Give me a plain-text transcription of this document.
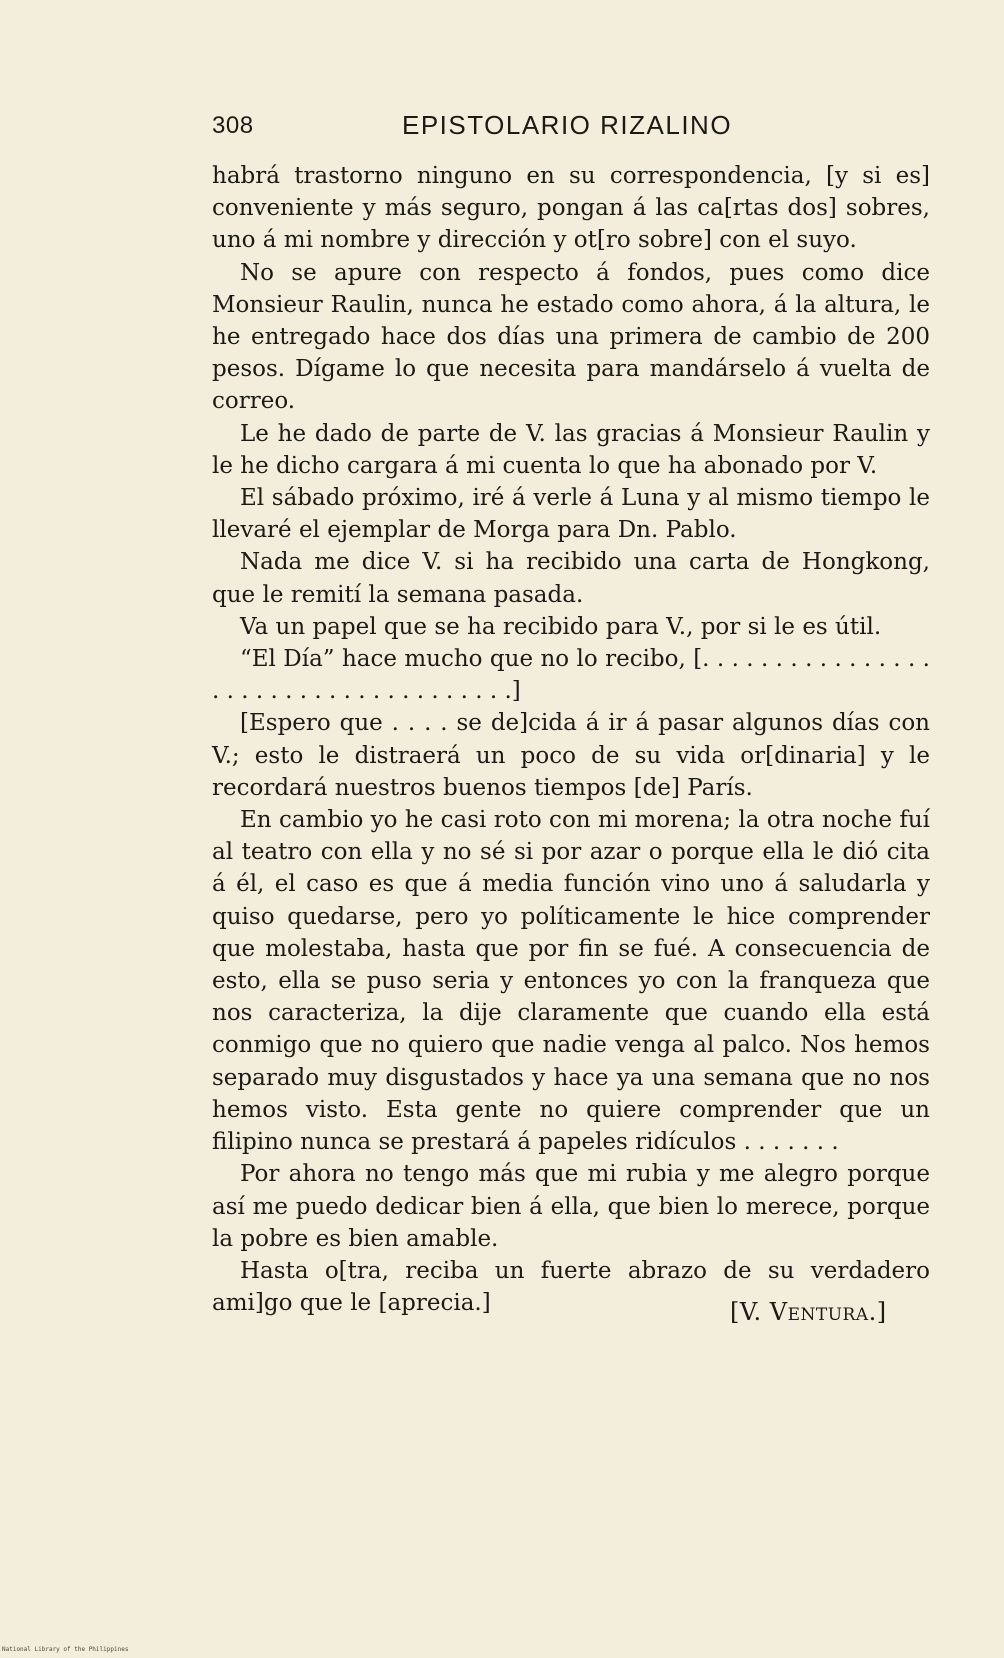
308	EPISTOLARIO RIZALINO

habrá trastorno ninguno en su correspondencia, [y si es] conveniente y más seguro, pongan á las ca[rtas dos] sobres, uno á mi nombre y dirección y ot[ro sobre] con el suyo.

No se apure con respecto á fondos, pues como dice Monsieur Raulin, nunca he estado como ahora, á la altura, le he entregado hace dos días una primera de cambio de 200 pesos. Dígame lo que necesita para mandárselo á vuelta de correo.

Le he dado de parte de V. las gracias á Monsieur Raulin y le he dicho cargara á mi cuenta lo que ha abonado por V.

El sábado próximo, iré á verle á Luna y al mismo tiempo le llevaré el ejemplar de Morga para Dn. Pablo.

Nada me dice V. si ha recibido una carta de Hongkong, que le remití la semana pasada.

Va un papel que se ha recibido para V., por si le es útil.

“El Día” hace mucho que no lo recibo, [. . . . . . . . . . . . . . . . . . . . . . . . . . . . . . . . . . . . .]

[Espero que . . . . se de]cida á ir á pasar algunos días con V.; esto le distraerá un poco de su vida or[dinaria] y le recordará nuestros buenos tiempos [de] París.

En cambio yo he casi roto con mi morena; la otra noche fuí al teatro con ella y no sé si por azar o porque ella le dió cita á él, el caso es que á media función vino uno á saludarla y quiso quedarse, pero yo políticamente le hice comprender que molestaba, hasta que por fin se fué. A consecuencia de esto, ella se puso seria y entonces yo con la franqueza que nos caracteriza, la dije claramente que cuando ella está conmigo que no quiero que nadie venga al palco. Nos hemos separado muy disgustados y hace ya una semana que no nos hemos visto. Esta gente no quiere comprender que un filipino nunca se prestará á papeles ridículos . . . . . . .

Por ahora no tengo más que mi rubia y me alegro porque así me puedo dedicar bien á ella, que bien lo merece, porque la pobre es bien amable.

Hasta o[tra, reciba un fuerte abrazo de su verdadero ami]go que le [aprecia.]	[V. Ventura.]
National Library of the Philippines
